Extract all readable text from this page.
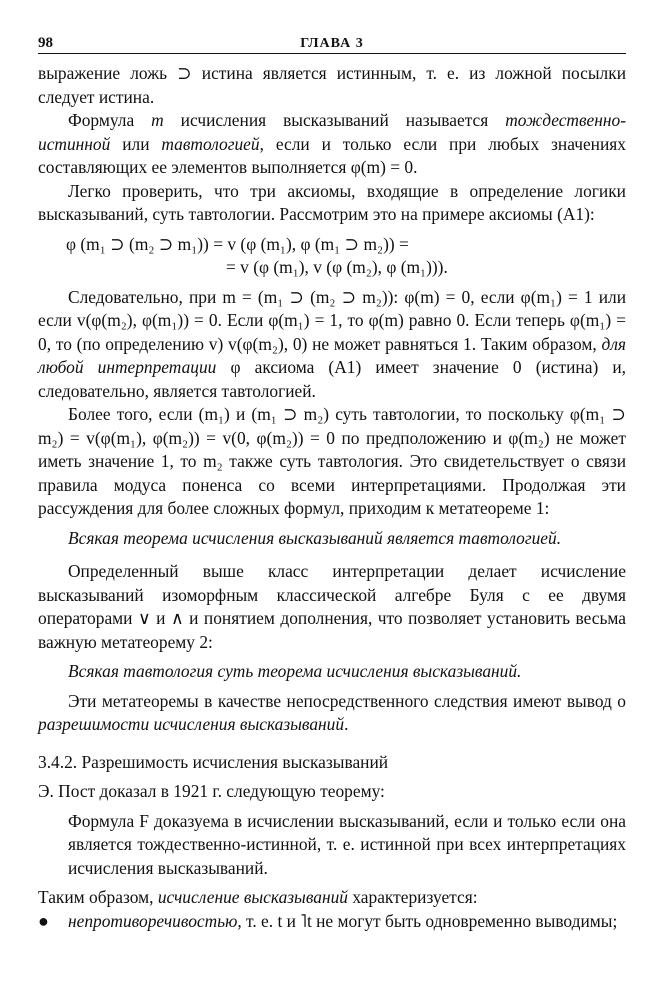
98	ГЛАВА 3

выражение ложь ⊃ истина является истинным, т. е. из ложной посылки следует истина.

Формула m исчисления высказываний называется тождественно-истинной или тавтологией, если и только если при любых значениях составляющих ее элементов выполняется φ(m) = 0.

Легко проверить, что три аксиомы, входящие в определение логики высказываний, суть тавтологии. Рассмотрим это на примере аксиомы (A1):

φ (m₁ ⊃ (m₂ ⊃ m₁)) = v (φ (m₁), φ (m₁ ⊃ m₂)) =
= v (φ (m₁), v (φ (m₂), φ (m₁))).

Следовательно, при m = (m₁ ⊃ (m₂ ⊃ m₂)): φ(m) = 0, если φ(m₁) = 1 или если v(φ(m₂), φ(m₁)) = 0. Если φ(m₁) = 1, то φ(m) равно 0. Если теперь φ(m₁) = 0, то (по определению v) v(φ(m₂), 0) не может равняться 1. Таким образом, для любой интерпретации φ аксиома (A1) имеет значение 0 (истина) и, следовательно, является тавтологией.

Более того, если (m₁) и (m₁ ⊃ m₂) суть тавтологии, то поскольку φ(m₁ ⊃ m₂) = v(φ(m₁), φ(m₂)) = v(0, φ(m₂)) = 0 по предположению и φ(m₂) не может иметь значение 1, то m₂ также суть тавтология. Это свидетельствует о связи правила модуса поненса со всеми интерпретациями. Продолжая эти рассуждения для более сложных формул, приходим к метатеореме 1:

Всякая теорема исчисления высказываний является тавтологией.

Определенный выше класс интерпретации делает исчисление высказываний изоморфным классической алгебре Буля с ее двумя операторами ∨ и ∧ и понятием дополнения, что позволяет установить весьма важную метатеорему 2:

Всякая тавтология суть теорема исчисления высказываний.

Эти метатеоремы в качестве непосредственного следствия имеют вывод о разрешимости исчисления высказываний.

3.4.2. Разрешимость исчисления высказываний

Э. Пост доказал в 1921 г. следующую теорему:

Формула F доказуема в исчислении высказываний, если и только если она является тождественно-истинной, т. е. истинной при всех интерпретациях исчисления высказываний.

Таким образом, исчисление высказываний характеризуется:

●	непротиворечивостью, т. е. t и ˥t не могут быть одновременно выводимы;
